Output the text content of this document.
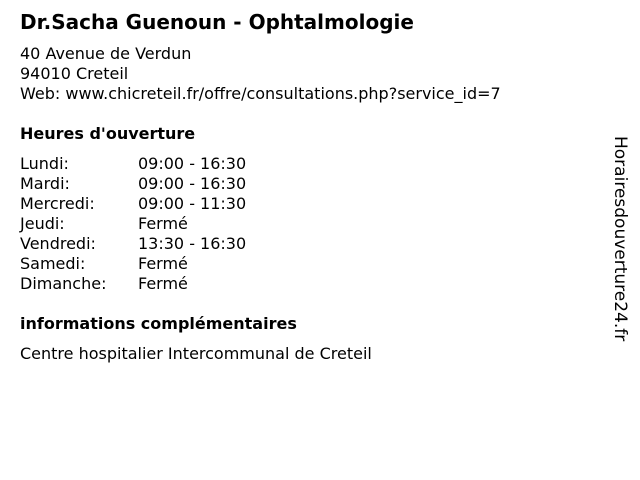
Dr.Sacha Guenoun - Ophtalmologie
40 Avenue de Verdun
94010 Creteil
Web: www.chicreteil.fr/offre/consultations.php?service_id=7
Heures d'ouverture
Lundi:	09:00 - 16:30
Mardi:	09:00 - 16:30
Mercredi:	09:00 - 11:30
Jeudi:	Fermé
Vendredi:	13:30 - 16:30
Samedi:	Fermé
Dimanche:	Fermé
informations complémentaires
Centre hospitalier Intercommunal de Creteil
Horairesdouverture24.fr
